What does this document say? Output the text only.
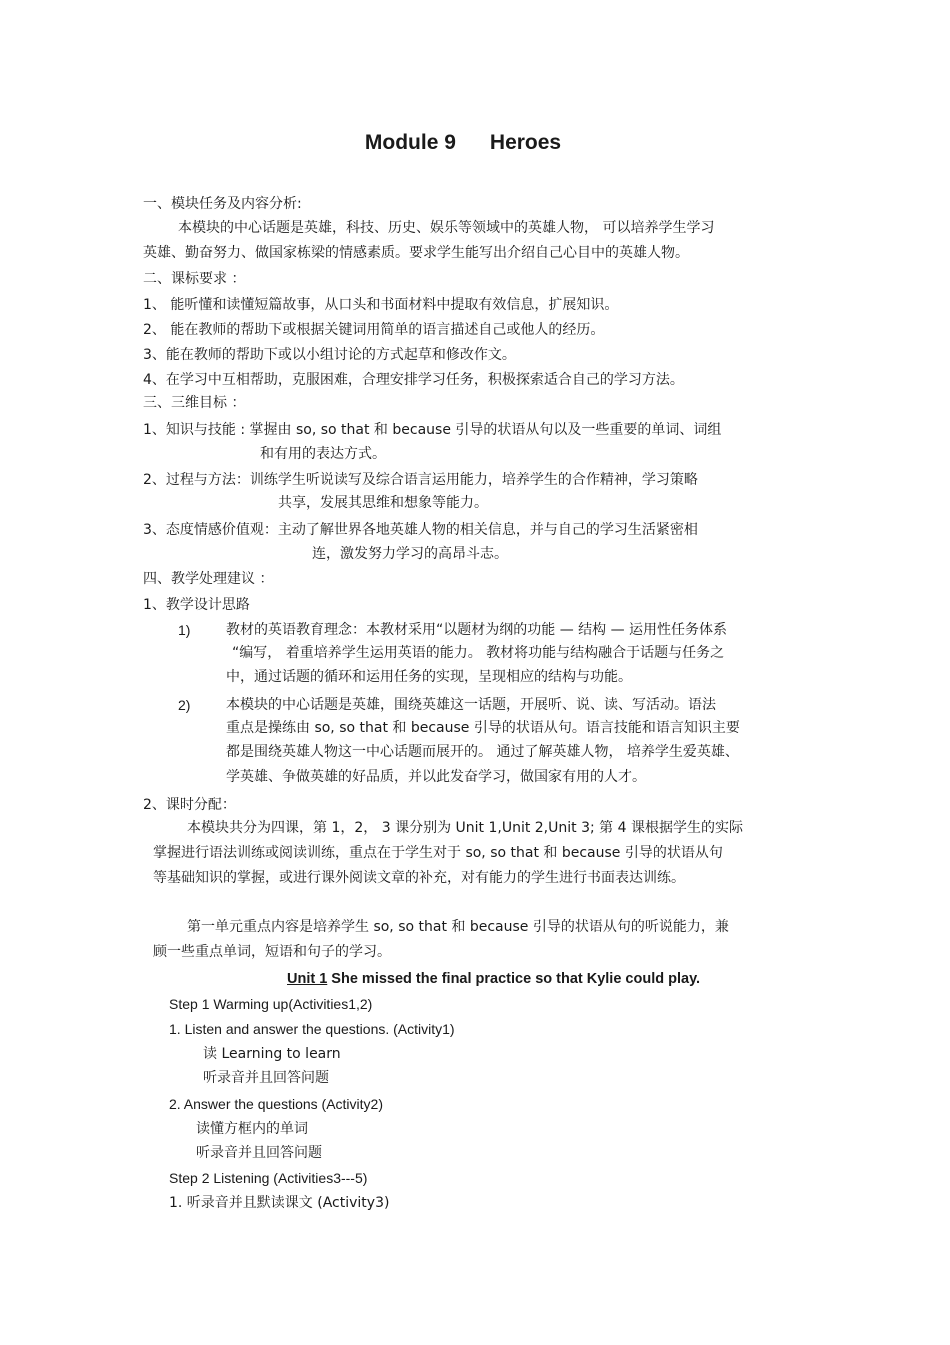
Module 9 Heroes
一、模块任务及内容分析:
本模块的中心话题是英雄，科技、历史、娱乐等领域中的英雄人物， 可以培养学生学习
英雄、勤奋努力、做国家栋梁的情感素质。要求学生能写出介绍自己心目中的英雄人物。
二、课标要求 ：
1、 能听懂和读懂短篇故事，从口头和书面材料中提取有效信息，扩展知识。
2、 能在教师的帮助下或根据关键词用简单的语言描述自己或他人的经历。
3、能在教师的帮助下或以小组讨论的方式起草和修改作文。
4、在学习中互相帮助，克服困难，合理安排学习任务，积极探索适合自己的学习方法。
三、三维目标 ：
1、知识与技能 : 掌握由 so, so that 和 because 引导的状语从句以及一些重要的单词、词组
和有用的表达方式。
2、过程与方法：训练学生听说读写及综合语言运用能力，培养学生的合作精神，学习策略
共享，发展其思维和想象等能力。
3、态度情感价值观：主动了解世界各地英雄人物的相关信息，并与自己的学习生活紧密相
连，激发努力学习的高昂斗志。
四、教学处理建议 ：
1、教学设计思路
1)	教材的英语教育理念：本教材采用“以题材为纲的功能 — 结构 — 运用性任务体系
“编写， 着重培养学生运用英语的能力。 教材将功能与结构融合于话题与任务之
中，通过话题的循环和运用任务的实现，呈现相应的结构与功能。
2)	本模块的中心话题是英雄，围绕英雄这一话题，开展听、说、读、写活动。语法
重点是操练由 so, so that 和 because 引导的状语从句。语言技能和语言知识主要
都是围绕英雄人物这一中心话题而展开的。 通过了解英雄人物， 培养学生爱英雄、
学英雄、争做英雄的好品质，并以此发奋学习，做国家有用的人才。
2、课时分配：
本模块共分为四课，第 1，2， 3 课分别为 Unit 1,Unit 2,Unit 3; 第 4 课根据学生的实际
掌握进行语法训练或阅读训练，重点在于学生对于 so, so that 和 because 引导的状语从句
等基础知识的掌握，或进行课外阅读文章的补充，对有能力的学生进行书面表达训练。
第一单元重点内容是培养学生 so, so that 和 because 引导的状语从句的听说能力，兼
顾一些重点单词，短语和句子的学习。
Unit 1 She missed the final practice so that Kylie could play.
Step 1 Warming up(Activities1,2)
1. Listen and answer the questions. (Activity1)
读 Learning to learn
听录音并且回答问题
2. Answer the questions (Activity2)
读懂方框内的单词
听录音并且回答问题
Step 2 Listening (Activities3---5)
1. 听录音并且默读课文 (Activity3)
